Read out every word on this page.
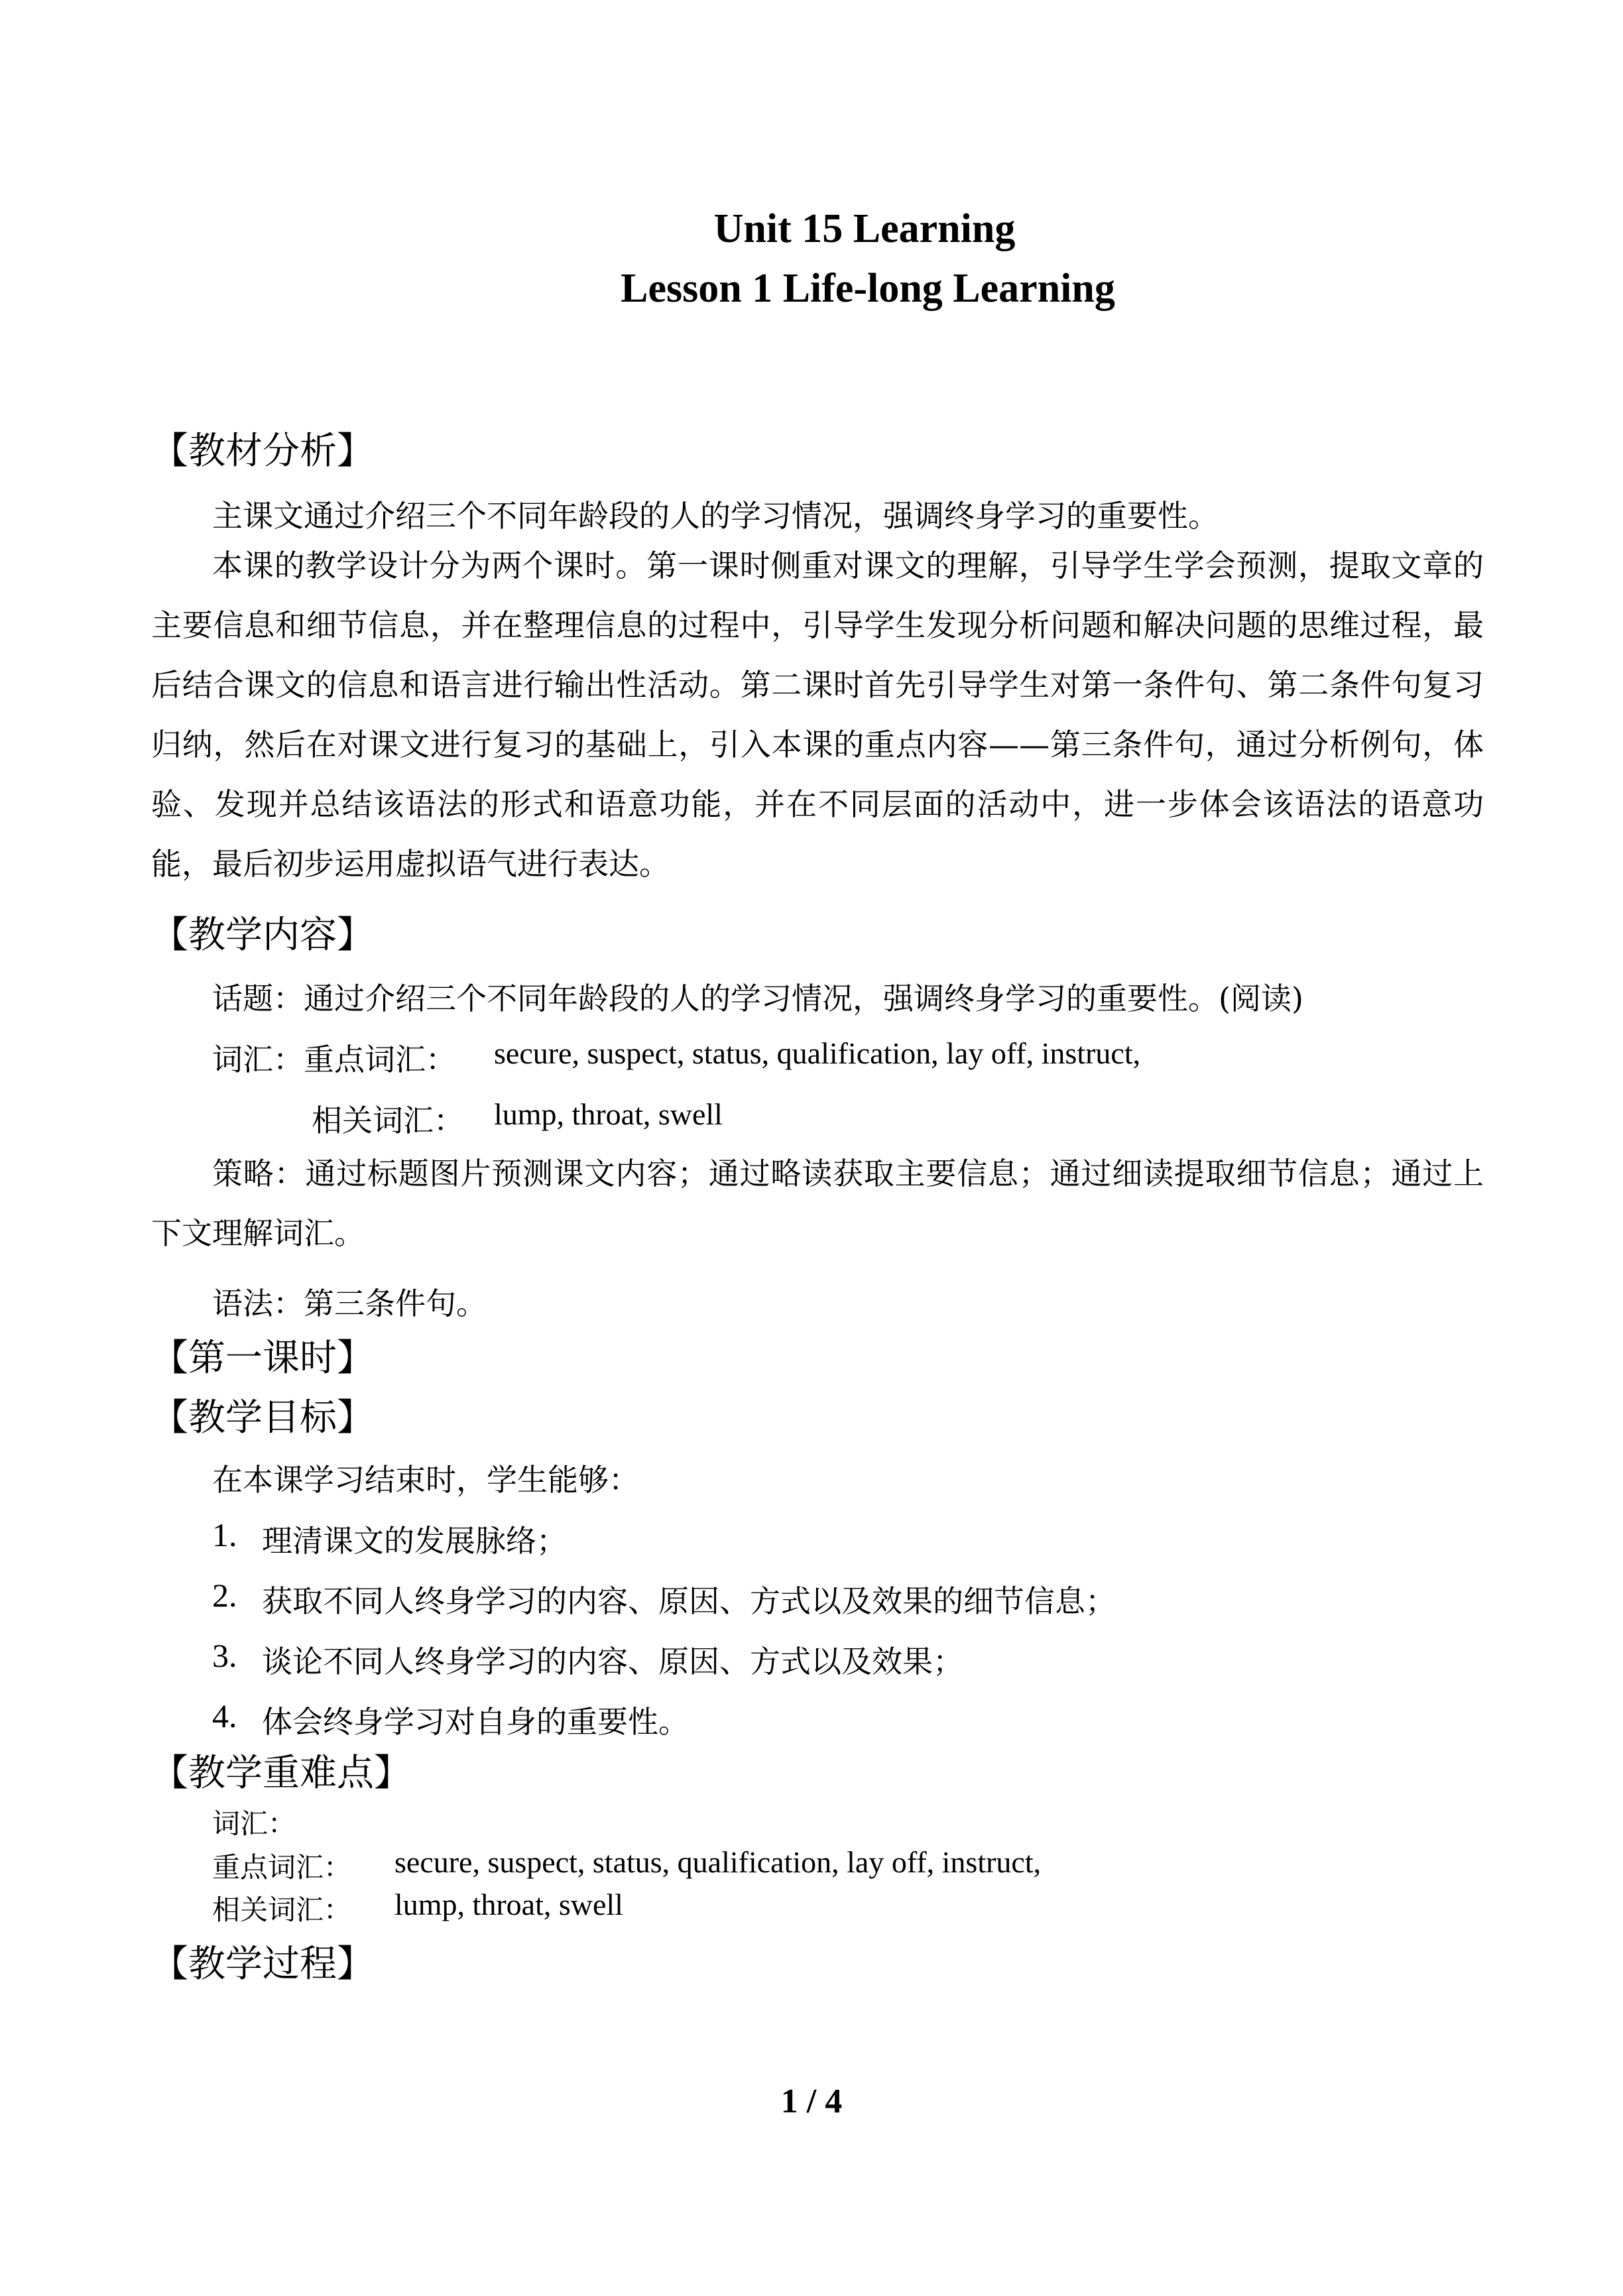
Unit 15 Learning
Lesson 1 Life-long Learning
【教材分析】
主课文通过介绍三个不同年龄段的人的学习情况，强调终身学习的重要性。
本课的教学设计分为两个课时。第一课时侧重对课文的理解，引导学生学会预测，提取文章的主要信息和细节信息，并在整理信息的过程中，引导学生发现分析问题和解决问题的思维过程，最后结合课文的信息和语言进行输出性活动。第二课时首先引导学生对第一条件句、第二条件句复习归纳，然后在对课文进行复习的基础上，引入本课的重点内容——第三条件句，通过分析例句，体验、发现并总结该语法的形式和语意功能，并在不同层面的活动中，进一步体会该语法的语意功能，最后初步运用虚拟语气进行表达。
【教学内容】
话题：通过介绍三个不同年龄段的人的学习情况，强调终身学习的重要性。(阅读)
词汇：重点词汇： secure, suspect, status, qualification, lay off, instruct,
相关词汇： lump, throat, swell
策略：通过标题图片预测课文内容；通过略读获取主要信息；通过细读提取细节信息；通过上下文理解词汇。
语法：第三条件句。
【第一课时】
【教学目标】
在本课学习结束时，学生能够：
1. 理清课文的发展脉络；
2. 获取不同人终身学习的内容、原因、方式以及效果的细节信息；
3. 谈论不同人终身学习的内容、原因、方式以及效果；
4. 体会终身学习对自身的重要性。
【教学重难点】
词汇：
重点词汇： secure, suspect, status, qualification, lay off, instruct,
相关词汇： lump, throat, swell
【教学过程】
1 / 4
